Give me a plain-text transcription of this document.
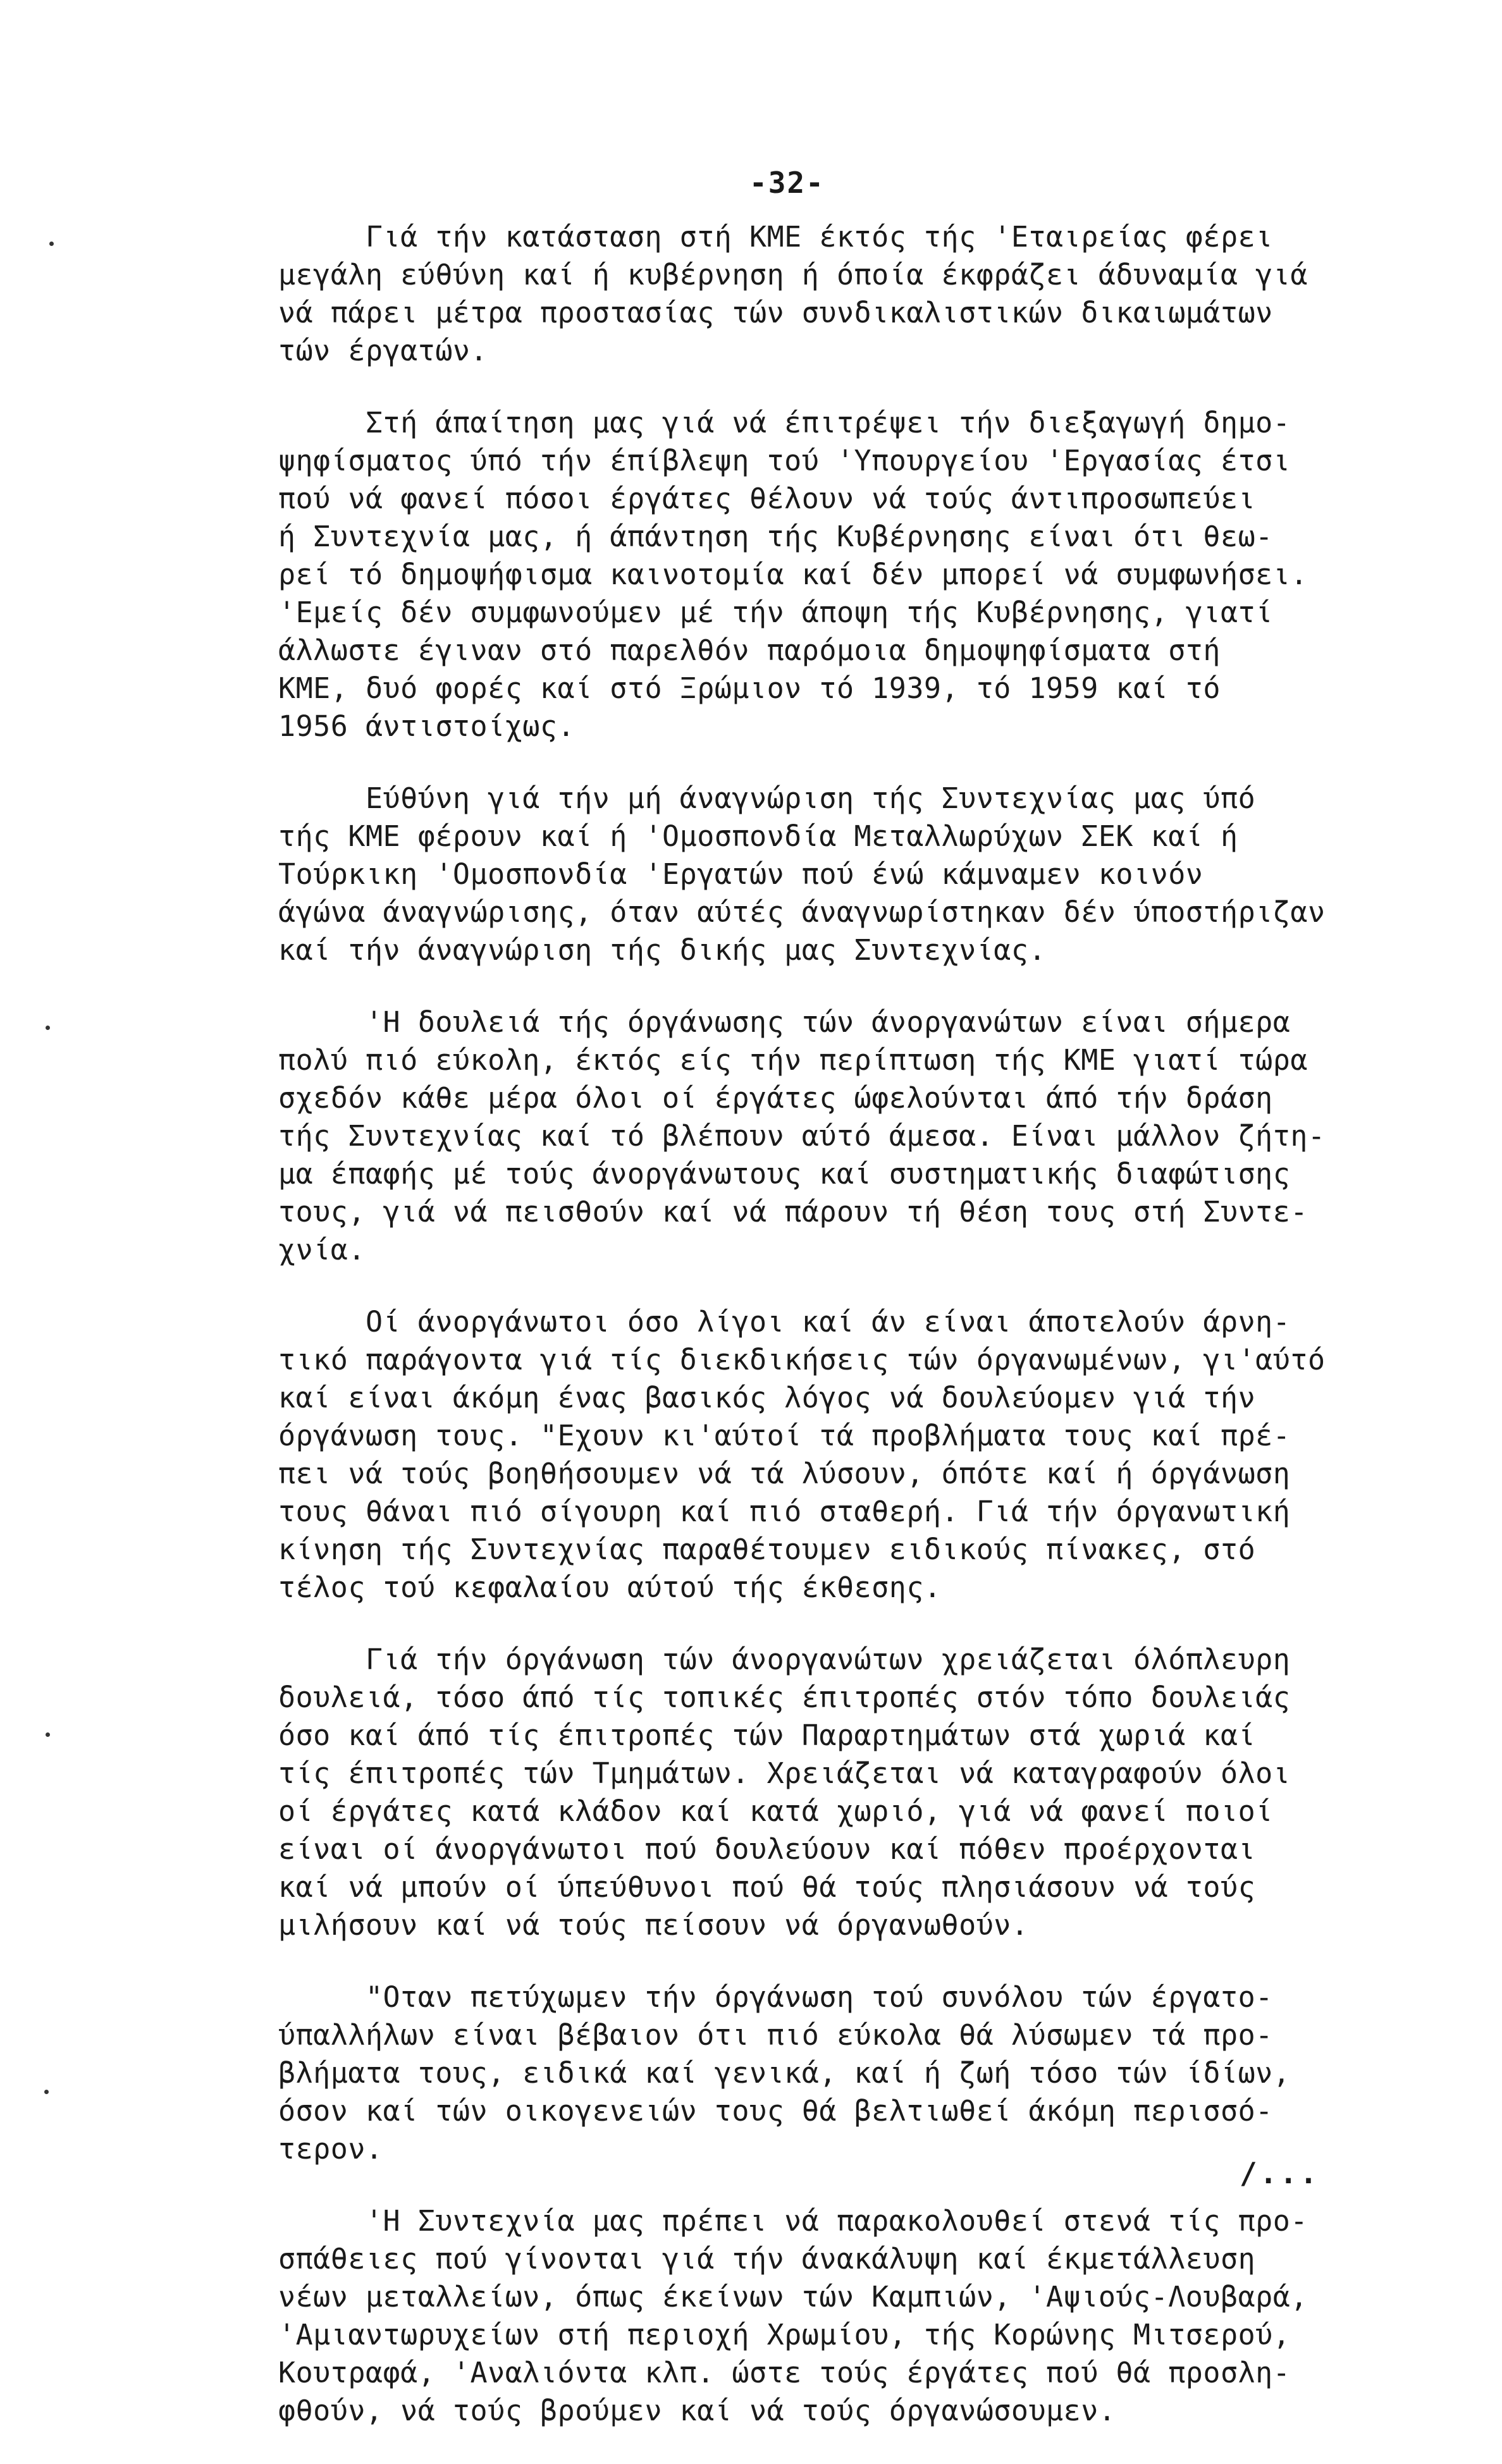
-32-
Γιά τήν κατάσταση στή ΚΜΕ έκτός τής 'Εταιρείας φέρει
μεγάλη εύθύνη καί ή κυβέρνηση ή όποία έκφράζει άδυναμία γιά
νά πάρει μέτρα προστασίας τών συνδικαλιστικών δικαιωμάτων
τών έργατών.
Στή άπαίτηση μας γιά νά έπιτρέψει τήν διεξαγωγή δημο-
ψηφίσματος ύπό τήν έπίβλεψη τού 'Υπουργείου 'Εργασίας έτσι
πού νά φανεί πόσοι έργάτες θέλουν νά τούς άντιπροσωπεύει
ή Συντεχνία μας, ή άπάντηση τής Κυβέρνησης είναι ότι θεω-
ρεί τό δημοψήφισμα καινοτομία καί δέν μπορεί νά συμφωνήσει.
'Εμείς δέν συμφωνούμεν μέ τήν άποψη τής Κυβέρνησης, γιατί
άλλωστε έγιναν στό παρελθόν παρόμοια δημοψηφίσματα στή
ΚΜΕ, δυό φορές καί στό Ξρώμιον τό 1939, τό 1959 καί τό
1956 άντιστοίχως.
Εύθύνη γιά τήν μή άναγνώριση τής Συντεχνίας μας ύπό
τής ΚΜΕ φέρουν καί ή 'Ομοσπονδία Μεταλλωρύχων ΣΕΚ καί ή
Τούρκικη 'Ομοσπονδία 'Εργατών πού ένώ κάμναμεν κοινόν
άγώνα άναγνώρισης, όταν αύτές άναγνωρίστηκαν δέν ύποστήριζαν
καί τήν άναγνώριση τής δικής μας Συντεχνίας.
'Η δουλειά τής όργάνωσης τών άνοργανώτων είναι σήμερα
πολύ πιό εύκολη, έκτός είς τήν περίπτωση τής ΚΜΕ γιατί τώρα
σχεδόν κάθε μέρα όλοι οί έργάτες ώφελούνται άπό τήν δράση
τής Συντεχνίας καί τό βλέπουν αύτό άμεσα. Είναι μάλλον ζήτη-
μα έπαφής μέ τούς άνοργάνωτους καί συστηματικής διαφώτισης
τους, γιά νά πεισθούν καί νά πάρουν τή θέση τους στή Συντε-
χνία.
Οί άνοργάνωτοι όσο λίγοι καί άν είναι άποτελούν άρνη-
τικό παράγοντα γιά τίς διεκδικήσεις τών όργανωμένων, γι'αύτό
καί είναι άκόμη ένας βασικός λόγος νά δουλεύομεν γιά τήν
όργάνωση τους. "Εχουν κι'αύτοί τά προβλήματα τους καί πρέ-
πει νά τούς βοηθήσουμεν νά τά λύσουν, όπότε καί ή όργάνωση
τους θάναι πιό σίγουρη καί πιό σταθερή. Γιά τήν όργανωτική
κίνηση τής Συντεχνίας παραθέτουμεν ειδικούς πίνακες, στό
τέλος τού κεφαλαίου αύτού τής έκθεσης.
Γιά τήν όργάνωση τών άνοργανώτων χρειάζεται όλόπλευρη
δουλειά, τόσο άπό τίς τοπικές έπιτροπές στόν τόπο δουλειάς
όσο καί άπό τίς έπιτροπές τών Παραρτημάτων στά χωριά καί
τίς έπιτροπές τών Τμημάτων. Χρειάζεται νά καταγραφούν όλοι
οί έργάτες κατά κλάδον καί κατά χωριό, γιά νά φανεί ποιοί
είναι οί άνοργάνωτοι πού δουλεύουν καί πόθεν προέρχονται
καί νά μπούν οί ύπεύθυνοι πού θά τούς πλησιάσουν νά τούς
μιλήσουν καί νά τούς πείσουν νά όργανωθούν.
"Οταν πετύχωμεν τήν όργάνωση τού συνόλου τών έργατο-
ύπαλλήλων είναι βέβαιον ότι πιό εύκολα θά λύσωμεν τά προ-
βλήματα τους, ειδικά καί γενικά, καί ή ζωή τόσο τών ίδίων,
όσον καί τών οικογενειών τους θά βελτιωθεί άκόμη περισσό-
τερον.
'Η Συντεχνία μας πρέπει νά παρακολουθεί στενά τίς προ-
σπάθειες πού γίνονται γιά τήν άνακάλυψη καί έκμετάλλευση
νέων μεταλλείων, όπως έκείνων τών Καμπιών, 'Αψιούς-Λουβαρά,
'Αμιαντωρυχείων στή περιοχή Χρωμίου, τής Κορώνης Μιτσερού,
Κουτραφά, 'Αναλιόντα κλπ. ώστε τούς έργάτες πού θά προσλη-
φθούν, νά τούς βρούμεν καί νά τούς όργανώσουμεν.
/...
